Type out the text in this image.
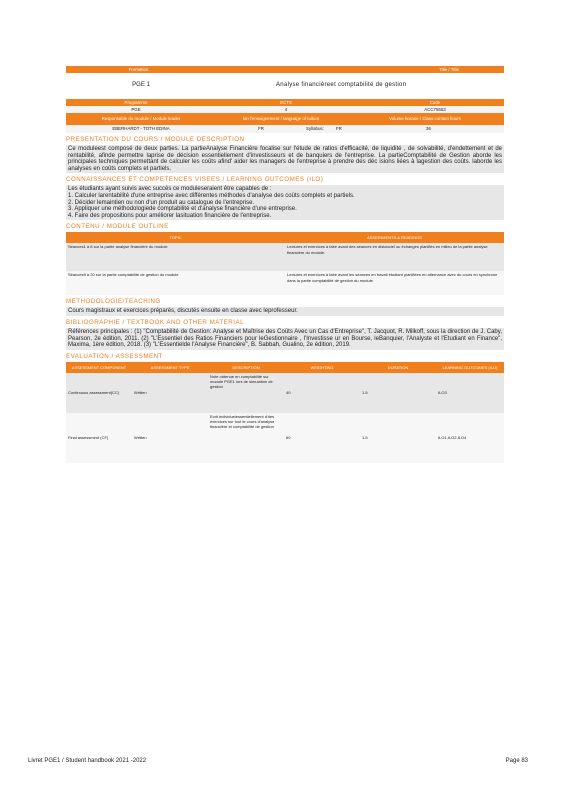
Formation	Title / Title
PGE 1	Analyse financièreet comptabilité de gestion
Programme	ECTS	Code
PGE	4	ACC75553
Responsable du module / Module leader	lan l'enseignement / language of tuition	Volume horaire / Class contact hours
EBERHARDT - TOTH EDINA	FR	Syllabus:	FR	36
PRESENTATION DU COURS / MODULE DESCRIPTION
Ce moduleest composé de deux parties. La partieAnalyse Financière focalise sur l'étude de ratios d'efficacité, de liquidité , de solvabilité, d'endettement et de rentabilité, afinde permettre laprise de décision essentiellement d'investisseurs et de banquiers de l'entreprise. La partieComptabilité de Gestion aborde les principales techniques permettant de calculer les coûts afind' aider les managers de l'entreprise à prendre des déc isions liées à lagestion des coûts. laborde les analyses en coûts complets et partiels.
CONNAISSANCES ET COMPETENCES VISEES / LEARNING OUTCOMES (ILO)
Les étudiants ayant suivis avec succès ce moduleseraient être capables de :
1. Calculer larentabilité d'une entreprise avec différentes méthodes d'analyse des coûts complets et partiels.
2. Décider lemaintien ou non d'un produit au catalogue de l'entreprise.
3. Appliquer une méthodologiede comptabilité et d'analyse financière d'une entreprise.
4. Faire des propositions pour améliorer lasituation financière de l'entreprise.
CONTENU / MODULE OUTLINE
TOPIC	ASSIGNMENTS & READINGS
Séances1 à 8 sur la partie analyse financière du module	Lectures et exercices à faire avant des séances en distanciel ou échanges planifiés en milieu de la partie analyse financière du module.
Séances9 à 20 sur la partie comptabilité de gestion du module	Lectures et exercices à faire avant les séances en travail étudiant planifiées en alternance avec du cours en synchrone dans la partie comptabilité de gestion du module.
METHODOLOGIE/TEACHING
Cours magistraux et exercices préparés, discutés ensuite en classe avec leprofesseur.
BIBLIOGRAPHIE / TEXTBOOK AND OTHER MATERIAL
Références principales : (1) "Comptabilité de Gestion: Analyse et Maîtrise des Coûts Avec un Cas d'Entreprise", T. Jacquot, R. Milkoff, sous la direction de J. Caby, Pearson, 2e édition, 2011. (2) "L'Essentiel des Ratios Financiers pour leGestionnaire , l'Investisse ur en Bourse, leBanquier, l'Analyste et l'Etudiant en Finance", Maxima, 1ère édition, 2018. (3) "L'Essentielde l'Analyse Financière", B. Sabbah, Gualino, 2e édition, 2019.
EVALUATION / ASSESSMENT
ASSESSMENT COMPONENT	ASSESSMENT TYPE	DESCRIPTION	WEIGHTING	DURATION	LEARNING OUTCOMES (ILO)
Continuous assessment(CC)	Written	Note obtenue en comptabilité sur module PGE1 lors de simulation de gestion	40	1.5	ILO3
Final assessment (CF)	Written	Ecrit individuelessentiellement d'des exercices sur tout le cours d'analyse financière et comptabilité de gestion	60	1.5	ILO1,ILO2,ILO4
Livret PGE1 / Student handbook 2021 -2022	Page 83
